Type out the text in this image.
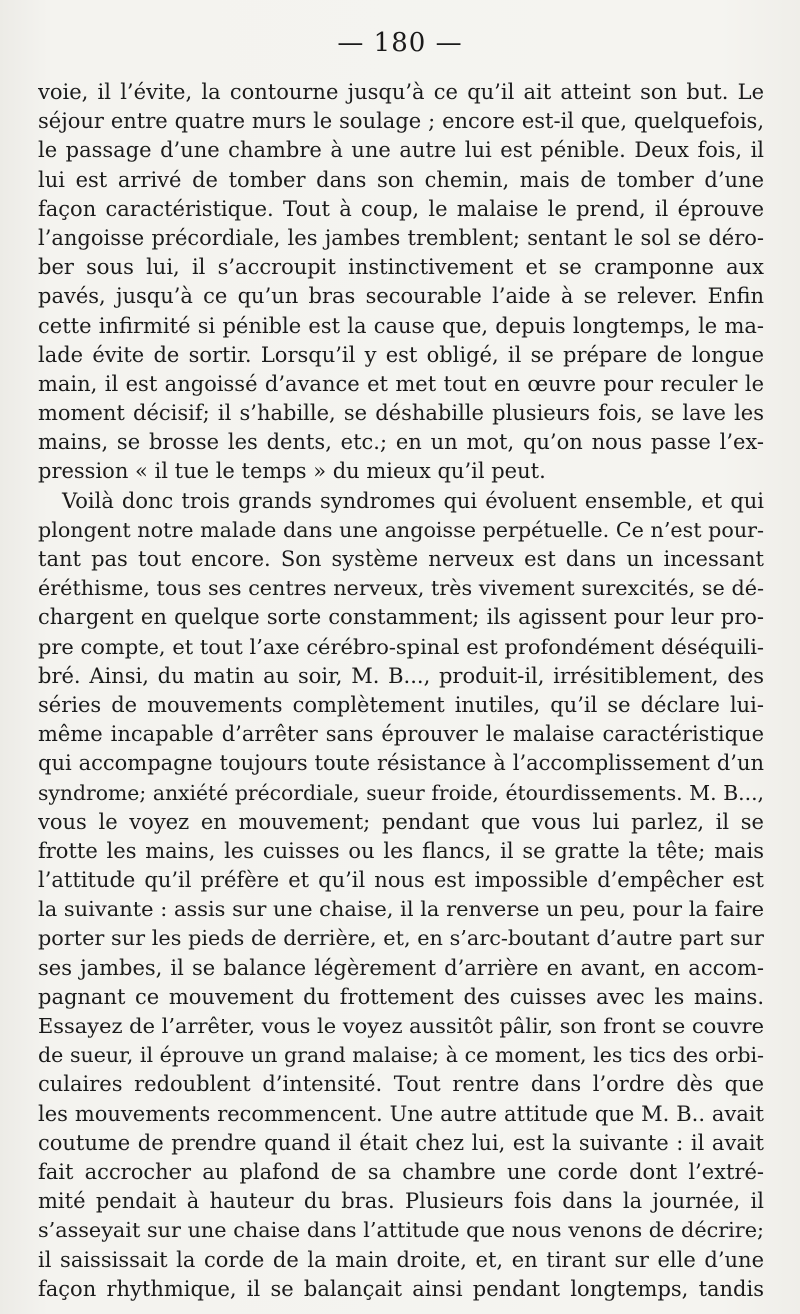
— 180 —
voie, il l’évite, la contourne jusqu’à ce qu’il ait atteint son but. Le
séjour entre quatre murs le soulage ; encore est-il que, quelquefois,
le passage d’une chambre à une autre lui est pénible. Deux fois, il
lui est arrivé de tomber dans son chemin, mais de tomber d’une
façon caractéristique. Tout à coup, le malaise le prend, il éprouve
l’angoisse précordiale, les jambes tremblent; sentant le sol se déro-
ber sous lui, il s’accroupit instinctivement et se cramponne aux
pavés, jusqu’à ce qu’un bras secourable l’aide à se relever. Enfin
cette infirmité si pénible est la cause que, depuis longtemps, le ma-
lade évite de sortir. Lorsqu’il y est obligé, il se prépare de longue
main, il est angoissé d’avance et met tout en œuvre pour reculer le
moment décisif; il s’habille, se déshabille plusieurs fois, se lave les
mains, se brosse les dents, etc.; en un mot, qu’on nous passe l’ex-
pression « il tue le temps » du mieux qu’il peut.
Voilà donc trois grands syndromes qui évoluent ensemble, et qui
plongent notre malade dans une angoisse perpétuelle. Ce n’est pour-
tant pas tout encore. Son système nerveux est dans un incessant
éréthisme, tous ses centres nerveux, très vivement surexcités, se dé-
chargent en quelque sorte constamment; ils agissent pour leur pro-
pre compte, et tout l’axe cérébro-spinal est profondément déséquili-
bré. Ainsi, du matin au soir, M. B..., produit-il, irrésitiblement, des
séries de mouvements complètement inutiles, qu’il se déclare lui-
même incapable d’arrêter sans éprouver le malaise caractéristique
qui accompagne toujours toute résistance à l’accomplissement d’un
syndrome; anxiété précordiale, sueur froide, étourdissements. M. B...,
vous le voyez en mouvement; pendant que vous lui parlez, il se
frotte les mains, les cuisses ou les flancs, il se gratte la tête; mais
l’attitude qu’il préfère et qu’il nous est impossible d’empêcher est
la suivante : assis sur une chaise, il la renverse un peu, pour la faire
porter sur les pieds de derrière, et, en s’arc-boutant d’autre part sur
ses jambes, il se balance légèrement d’arrière en avant, en accom-
pagnant ce mouvement du frottement des cuisses avec les mains.
Essayez de l’arrêter, vous le voyez aussitôt pâlir, son front se couvre
de sueur, il éprouve un grand malaise; à ce moment, les tics des orbi-
culaires redoublent d’intensité. Tout rentre dans l’ordre dès que
les mouvements recommencent. Une autre attitude que M. B.. avait
coutume de prendre quand il était chez lui, est la suivante : il avait
fait accrocher au plafond de sa chambre une corde dont l’extré-
mité pendait à hauteur du bras. Plusieurs fois dans la journée, il
s’asseyait sur une chaise dans l’attitude que nous venons de décrire;
il saississait la corde de la main droite, et, en tirant sur elle d’une
façon rhythmique, il se balançait ainsi pendant longtemps, tandis
